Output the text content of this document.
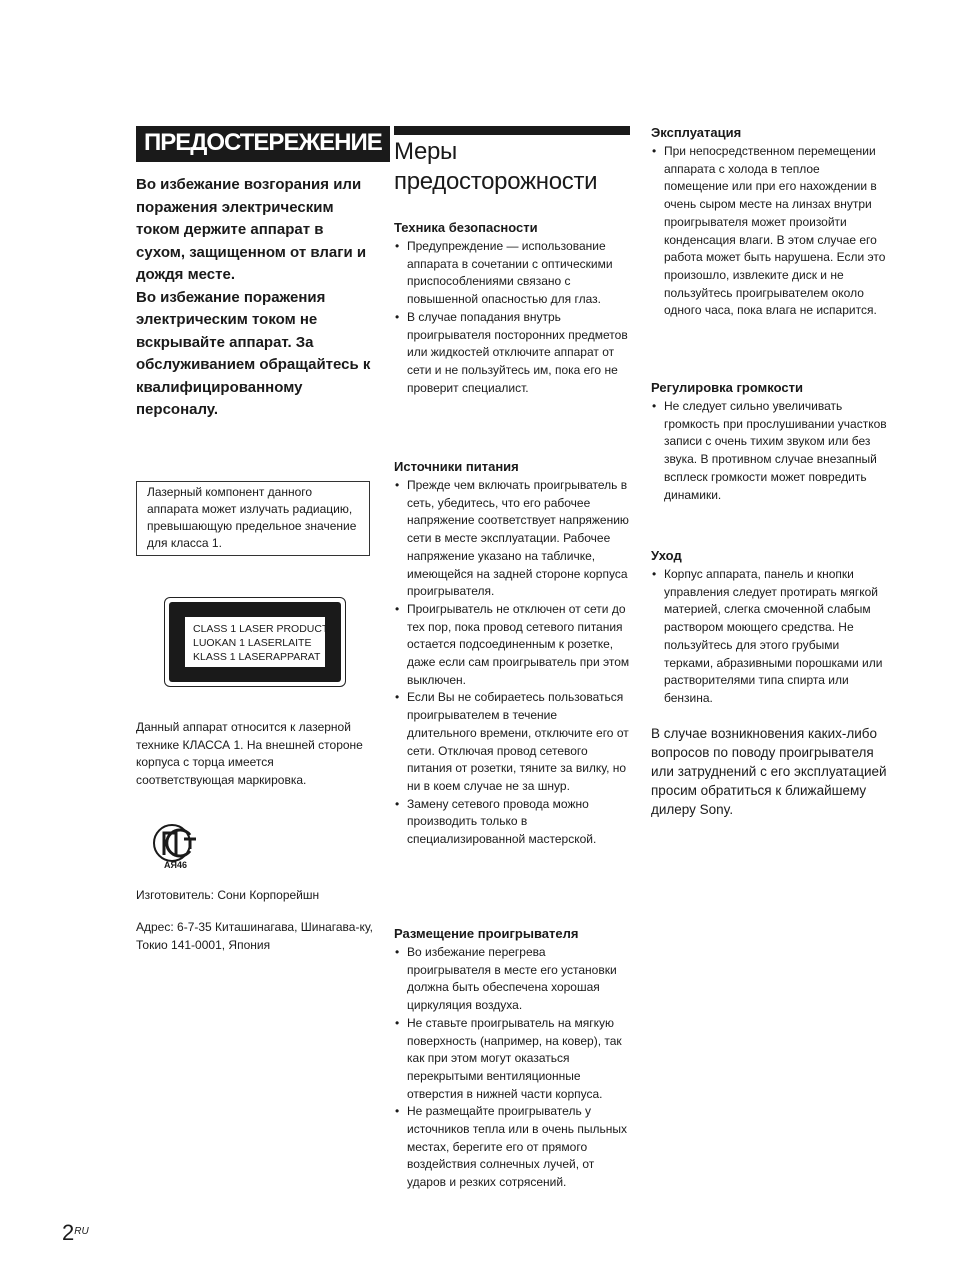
ПРЕДОСТЕРЕЖЕНИЕ

Во избежание возгорания или поражения электрическим током держите аппарат в сухом, защищенном от влаги и дождя месте.

Во избежание поражения электрическим током не вскрывайте аппарат. За обслуживанием обращайтесь к квалифицированному персоналу.

Лазерный компонент данного аппарата может излучать радиацию, превышающую предельное значение для класса 1.
CLASS 1 LASER PRODUCT
LUOKAN 1 LASERLAITE
KLASS 1 LASERAPPARAT
Данный аппарат относится к лазерной технике КЛАССА 1. На внешней стороне корпуса с торца имеется соответствующая маркировка.
АЯ46
Изготовитель: Сони Корпорейшн
Адрес: 6-7-35 Киташинагава, Шинагава-ку, Токио 141-0001, Япония
Меры
предосторожности
Техника безопасности
• Предупреждение — использование аппарата в сочетании с оптическими приспособлениями связано с повышенной опасностью для глаз.
• В случае попадания внутрь проигрывателя посторонних предметов или жидкостей отключите аппарат от сети и не пользуйтесь им, пока его не проверит специалист.
Источники питания
• Прежде чем включать проигрыватель в сеть, убедитесь, что его рабочее напряжение соответствует напряжению сети в месте эксплуатации. Рабочее напряжение указано на табличке, имеющейся на задней стороне корпуса проигрывателя.
• Проигрыватель не отключен от сети до тех пор, пока провод сетевого питания остается подсоединенным к розетке, даже если сам проигрыватель при этом выключен.
• Если Вы не собираетесь пользоваться проигрывателем в течение длительного времени, отключите его от сети. Отключая провод сетевого питания от розетки, тяните за вилку, но ни в коем случае не за шнур.
• Замену сетевого провода можно производить только в специализированной мастерской.
Размещение проигрывателя
• Во избежание перегрева проигрывателя в месте его установки должна быть обеспечена хорошая циркуляция воздуха.
• Не ставьте проигрыватель на мягкую поверхность (например, на ковер), так как при этом могут оказаться перекрытыми вентиляционные отверстия в нижней части корпуса.
• Не размещайте проигрыватель у источников тепла или в очень пыльных местах, берегите его от прямого воздействия солнечных лучей, от ударов и резких сотрясений.
Эксплуатация
• При непосредственном перемещении аппарата с холода в теплое помещение или при его нахождении в очень сыром месте на линзах внутри проигрывателя может произойти конденсация влаги. В этом случае его работа может быть нарушена. Если это произошло, извлеките диск и не пользуйтесь проигрывателем около одного часа, пока влага не испарится.
Регулировка громкости
• Не следует сильно увеличивать громкость при прослушивании участков записи с очень тихим звуком или без звука. В противном случае внезапный всплеск громкости может повредить динамики.
Уход
• Корпус аппарата, панель и кнопки управления следует протирать мягкой материей, слегка смоченной слабым раствором моющего средства. Не пользуйтесь для этого грубыми терками, абразивными порошками или растворителями типа спирта или бензина.
В случае возникновения каких-либо вопросов по поводу проигрывателя или затруднений с его эксплуатацией просим обратиться к ближайшему дилеру Sony.
$2^{RU}$
